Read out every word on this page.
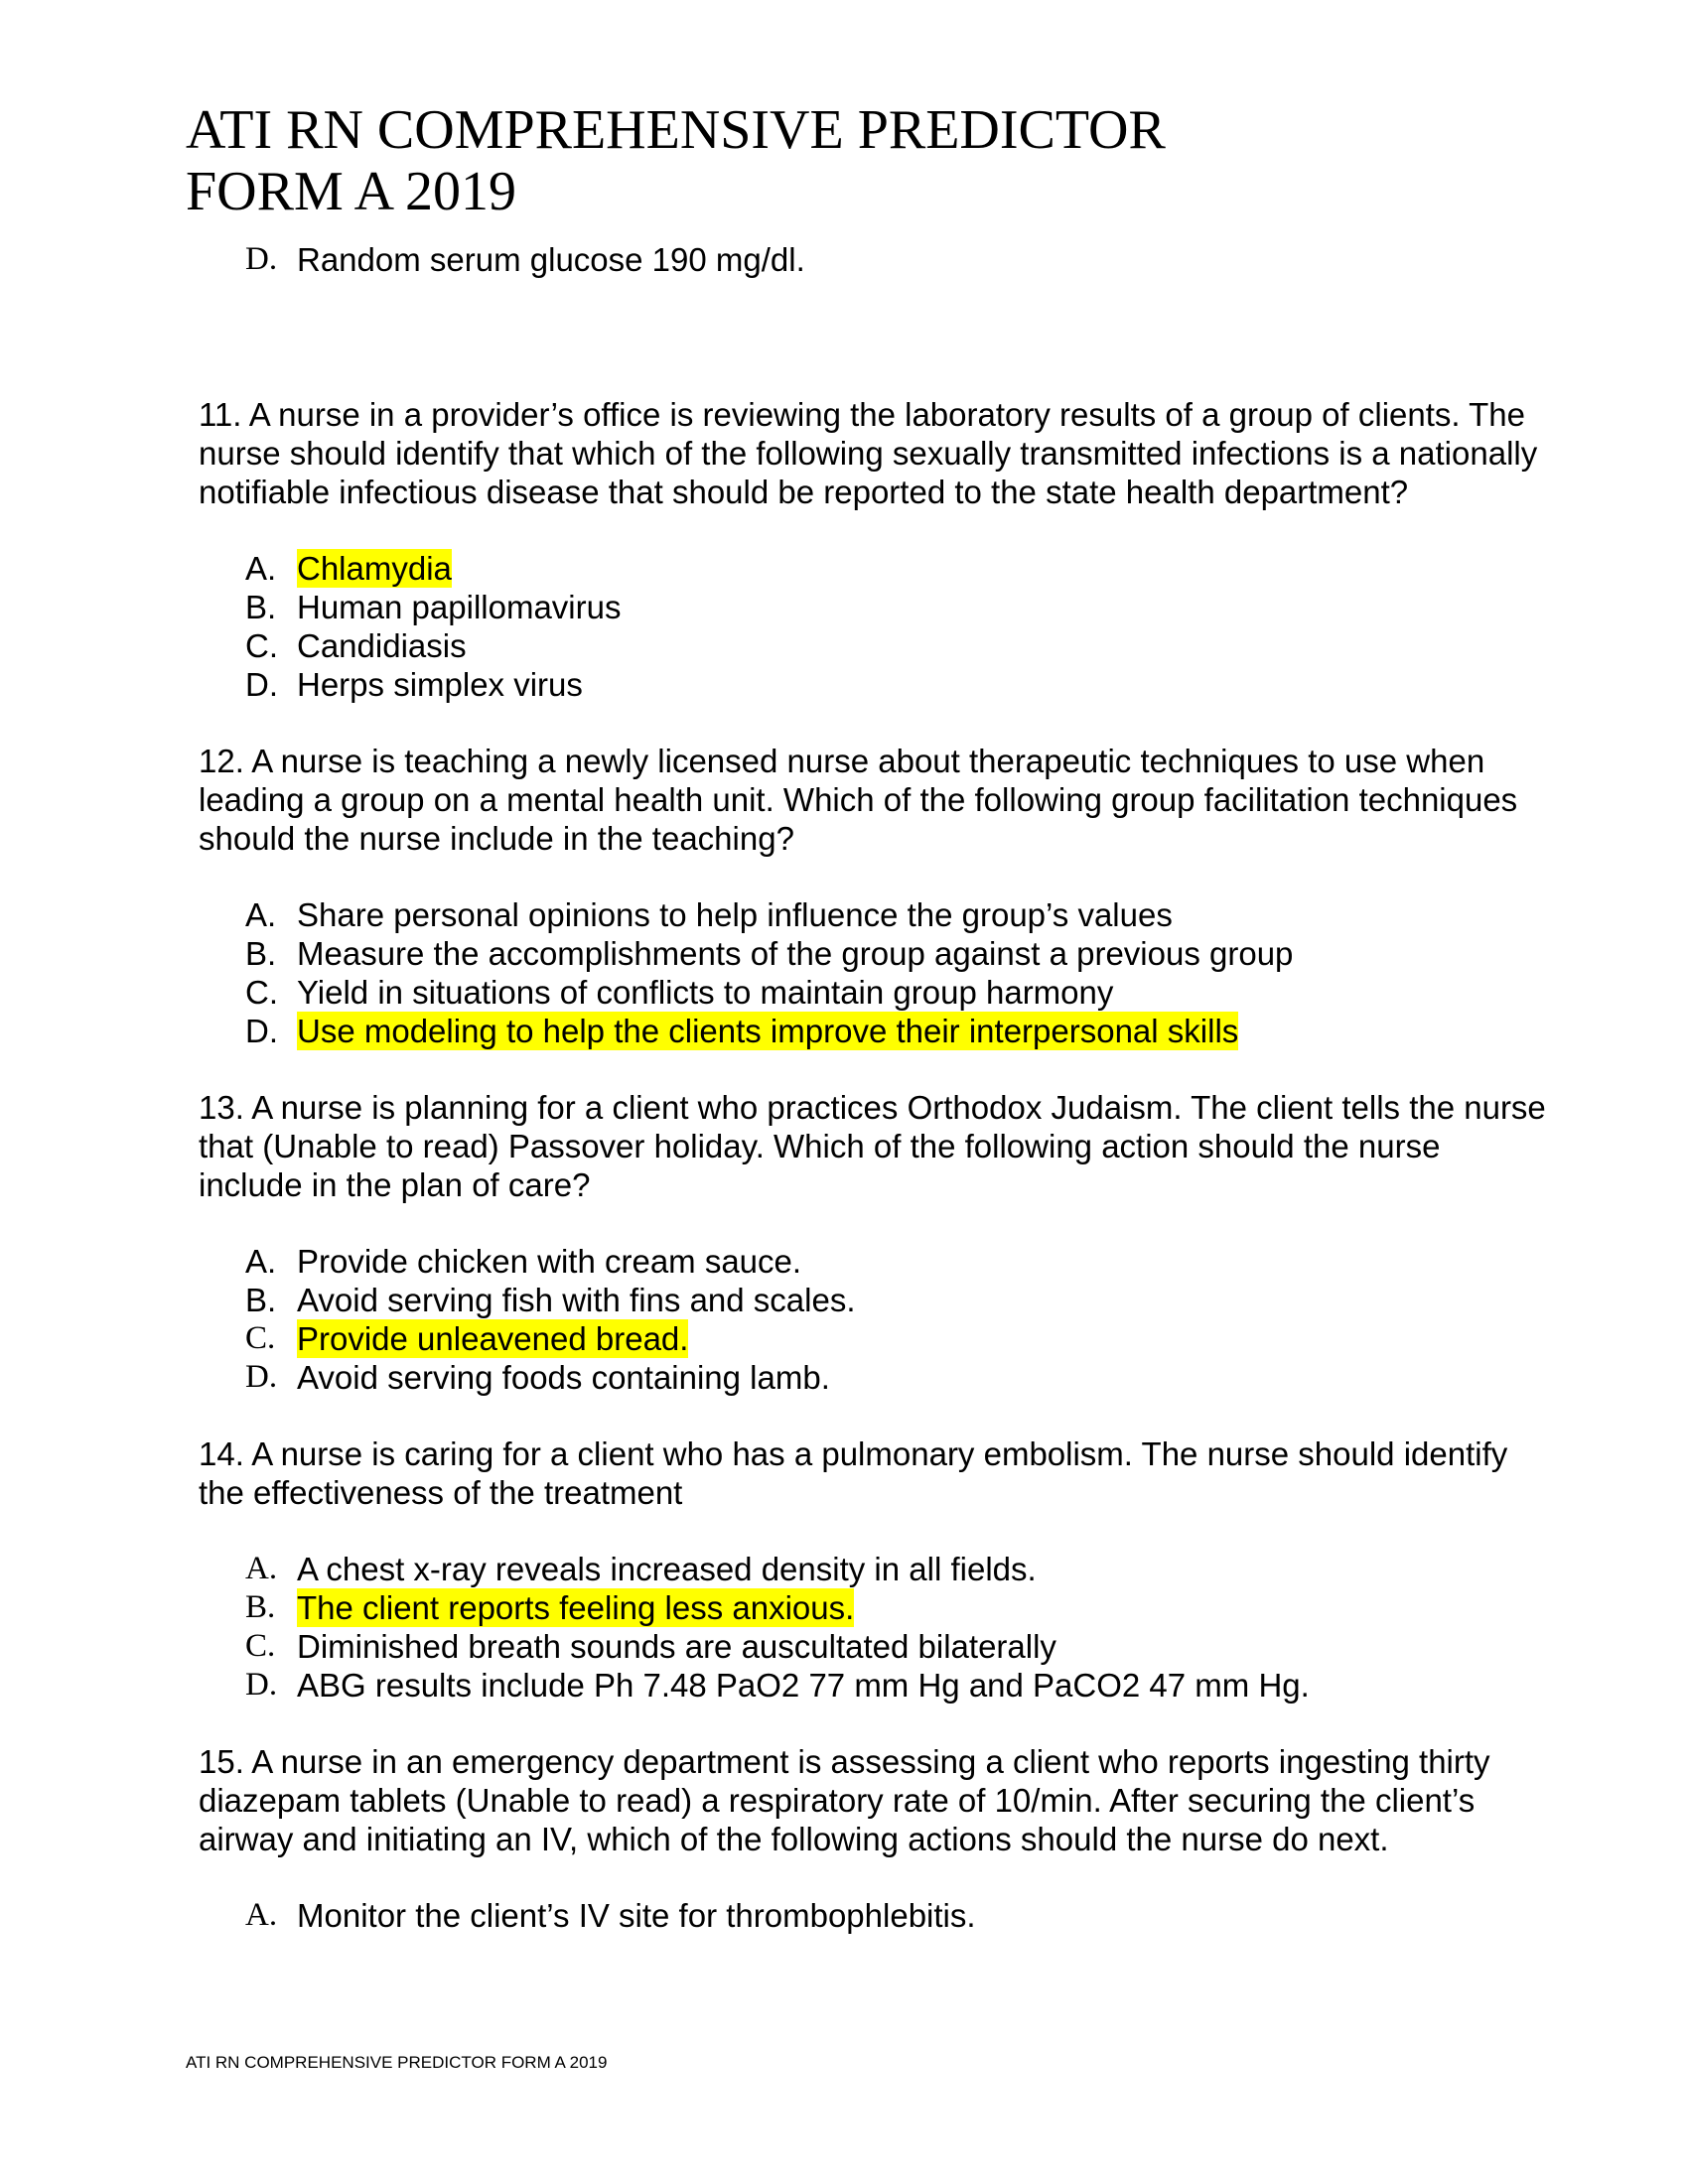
ATI RN COMPREHENSIVE PREDICTOR
FORM A 2019
D. Random serum glucose 190 mg/dl.

11. A nurse in a provider’s office is reviewing the laboratory results of a group of clients. The nurse should identify that which of the following sexually transmitted infections is a nationally notifiable infectious disease that should be reported to the state health department?

A. Chlamydia
B. Human papillomavirus
C. Candidiasis
D. Herps simplex virus

12. A nurse is teaching a newly licensed nurse about therapeutic techniques to use when leading a group on a mental health unit. Which of the following group facilitation techniques should the nurse include in the teaching?

A. Share personal opinions to help influence the group’s values
B. Measure the accomplishments of the group against a previous group
C. Yield in situations of conflicts to maintain group harmony
D. Use modeling to help the clients improve their interpersonal skills

13. A nurse is planning for a client who practices Orthodox Judaism. The client tells the nurse that (Unable to read) Passover holiday. Which of the following action should the nurse include in the plan of care?

A. Provide chicken with cream sauce.
B. Avoid serving fish with fins and scales.
C. Provide unleavened bread.
D. Avoid serving foods containing lamb.

14. A nurse is caring for a client who has a pulmonary embolism. The nurse should identify the effectiveness of the treatment

A. A chest x-ray reveals increased density in all fields.
B. The client reports feeling less anxious.
C. Diminished breath sounds are auscultated bilaterally
D. ABG results include Ph 7.48 PaO2 77 mm Hg and PaCO2 47 mm Hg.

15. A nurse in an emergency department is assessing a client who reports ingesting thirty diazepam tablets (Unable to read) a respiratory rate of 10/min. After securing the client’s airway and initiating an IV, which of the following actions should the nurse do next.

A. Monitor the client’s IV site for thrombophlebitis.
ATI RN COMPREHENSIVE PREDICTOR FORM A 2019
